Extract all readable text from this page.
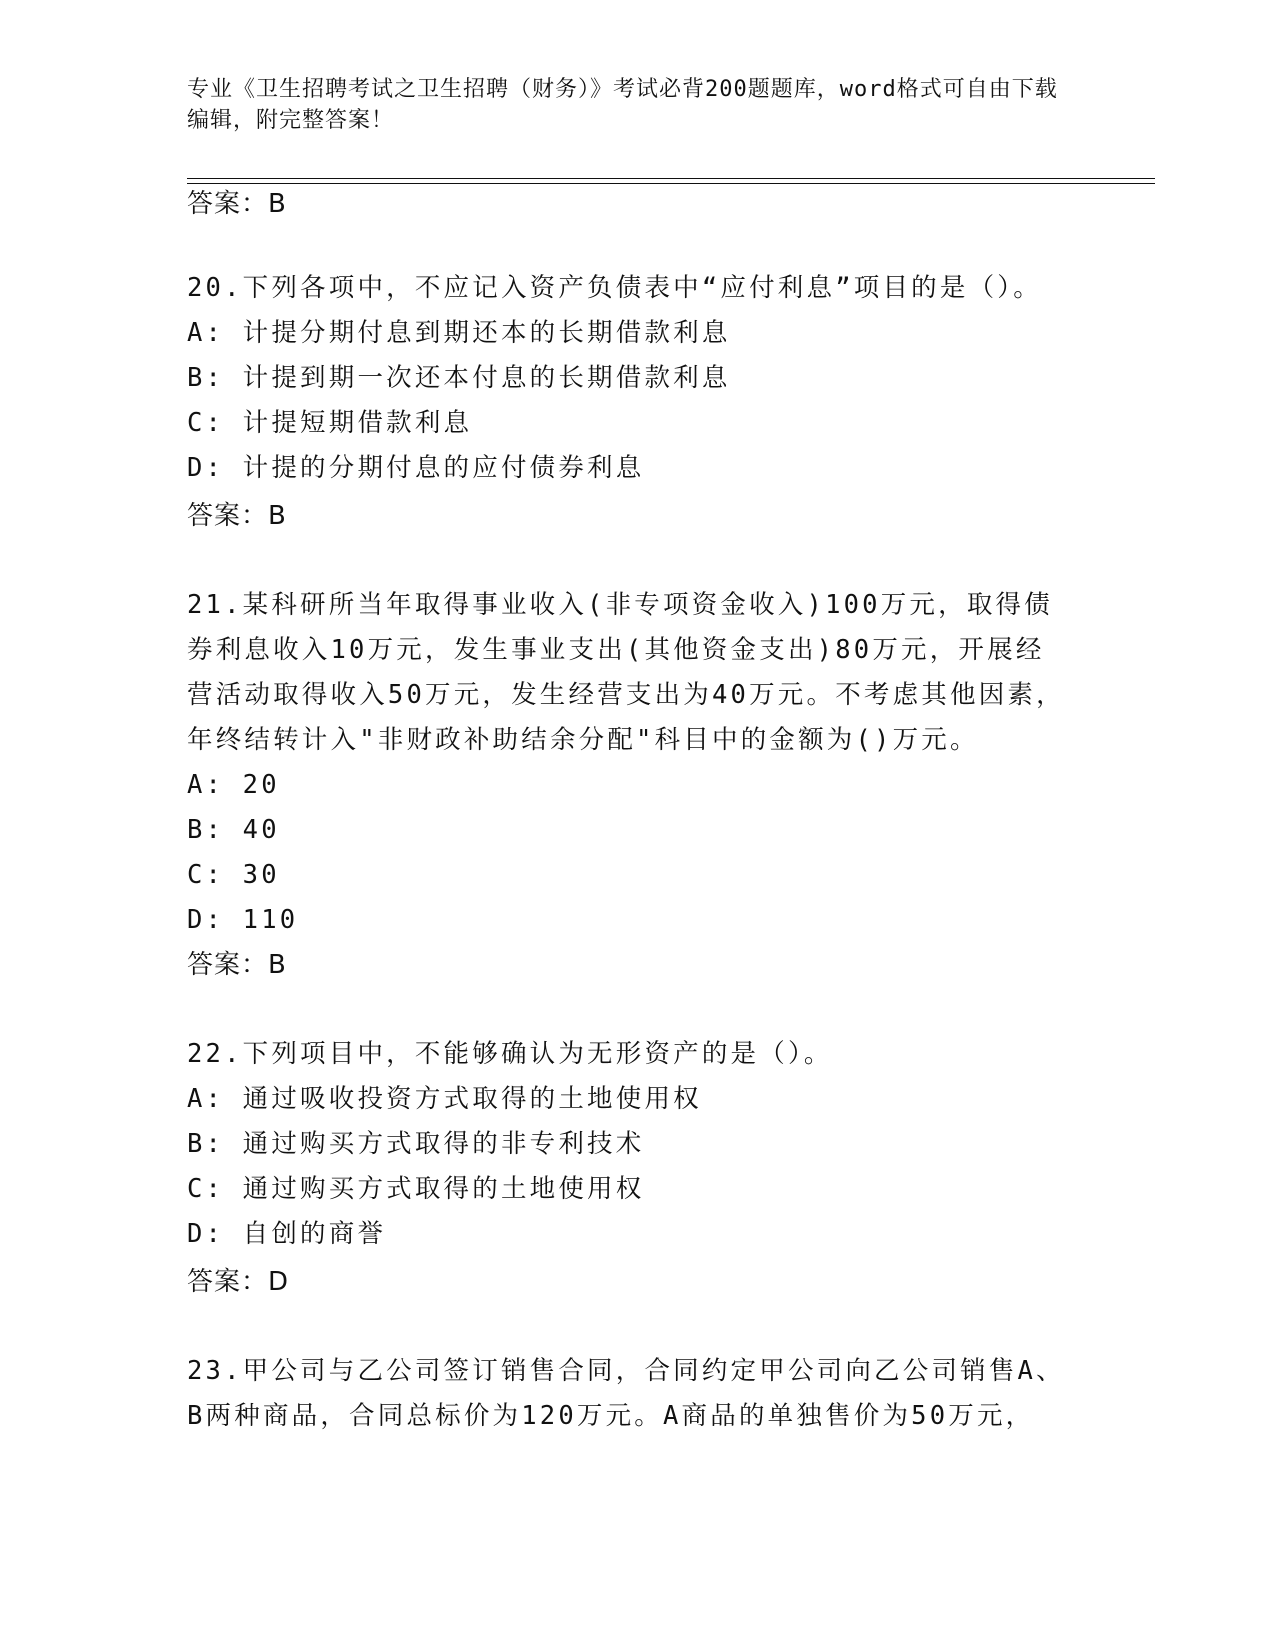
专业《卫生招聘考试之卫生招聘（财务）》考试必背200题题库，word格式可自由下载编辑，附完整答案！
答案：B
20.下列各项中，不应记入资产负债表中“应付利息”项目的是（）。
A: 计提分期付息到期还本的长期借款利息
B: 计提到期一次还本付息的长期借款利息
C: 计提短期借款利息
D: 计提的分期付息的应付债券利息
答案：B
21.某科研所当年取得事业收入(非专项资金收入)100万元，取得债券利息收入10万元，发生事业支出(其他资金支出)80万元，开展经营活动取得收入50万元，发生经营支出为40万元。不考虑其他因素，年终结转计入"非财政补助结余分配"科目中的金额为()万元。
A: 20
B: 40
C: 30
D: 110
答案：B
22.下列项目中，不能够确认为无形资产的是（）。
A: 通过吸收投资方式取得的土地使用权
B: 通过购买方式取得的非专利技术
C: 通过购买方式取得的土地使用权
D: 自创的商誉
答案：D
23.甲公司与乙公司签订销售合同，合同约定甲公司向乙公司销售A、B两种商品，合同总标价为120万元。A商品的单独售价为50万元，
